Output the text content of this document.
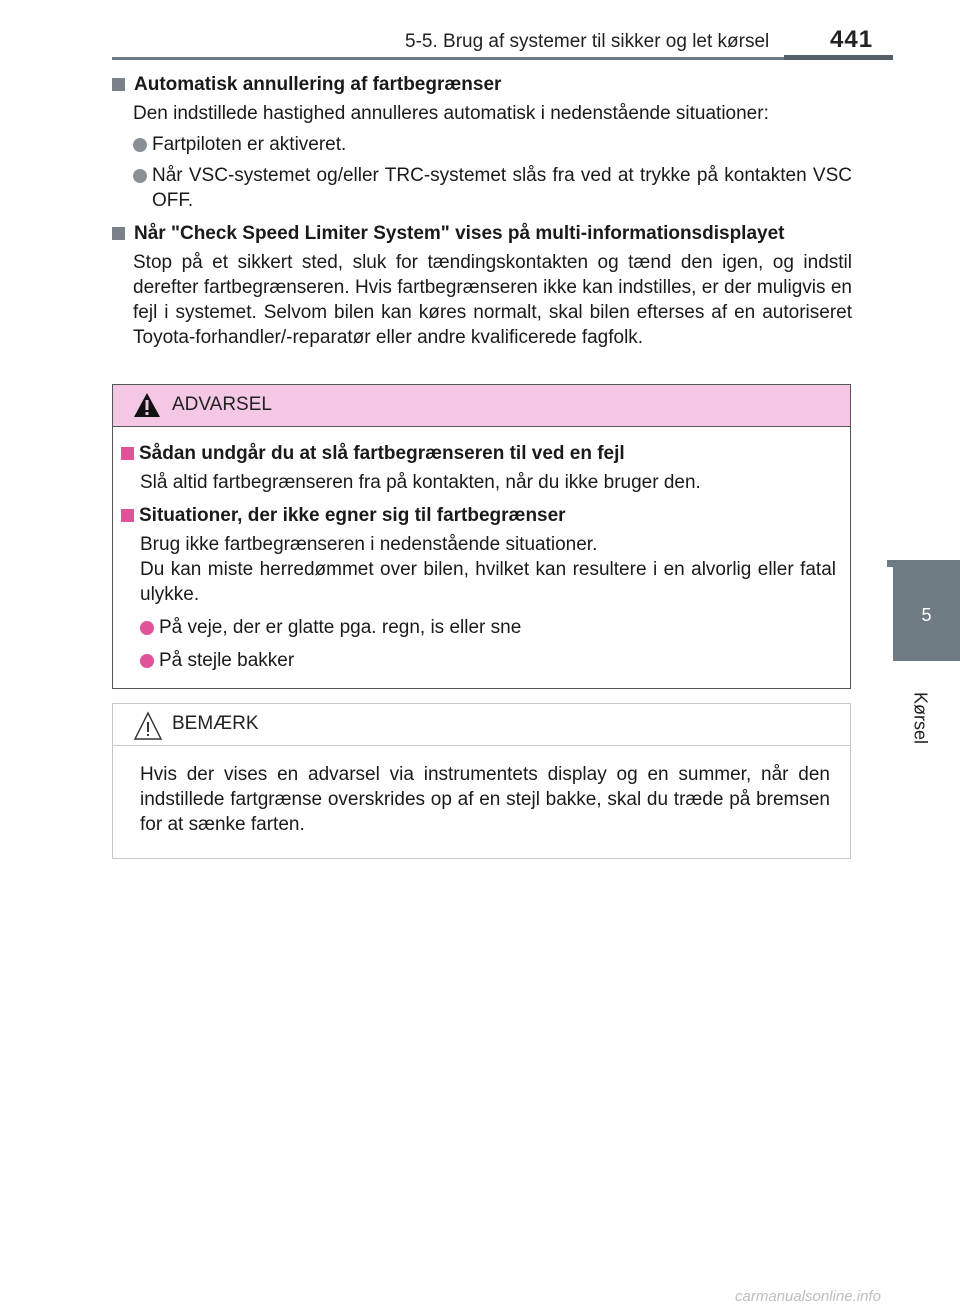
5-5. Brug af systemer til sikker og let kørsel	441
5
Kørsel
Automatisk annullering af fartbegrænser
Den indstillede hastighed annulleres automatisk i nedenstående situationer:
Fartpiloten er aktiveret.
Når VSC-systemet og/eller TRC-systemet slås fra ved at trykke på kontakten VSC OFF.
Når "Check Speed Limiter System" vises på multi-informationsdisplayet
Stop på et sikkert sted, sluk for tændingskontakten og tænd den igen, og indstil derefter fartbegrænseren. Hvis fartbegrænseren ikke kan indstilles, er der muligvis en fejl i systemet. Selvom bilen kan køres normalt, skal bilen efterses af en autoriseret Toyota-forhandler/-reparatør eller andre kvalificerede fagfolk.
ADVARSEL
Sådan undgår du at slå fartbegrænseren til ved en fejl
Slå altid fartbegrænseren fra på kontakten, når du ikke bruger den.
Situationer, der ikke egner sig til fartbegrænser
Brug ikke fartbegrænseren i nedenstående situationer.
Du kan miste herredømmet over bilen, hvilket kan resultere i en alvorlig eller fatal ulykke.
På veje, der er glatte pga. regn, is eller sne
På stejle bakker
BEMÆRK
Hvis der vises en advarsel via instrumentets display og en summer, når den indstillede fartgrænse overskrides op af en stejl bakke, skal du træde på bremsen for at sænke farten.
carmanualsonline.info
